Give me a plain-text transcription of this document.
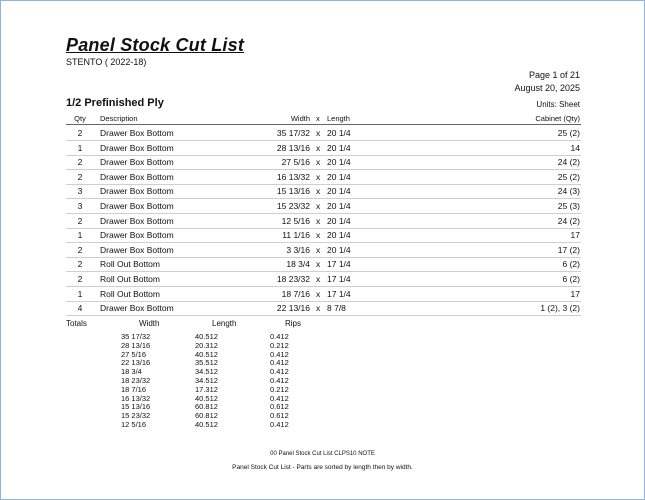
Panel Stock Cut List
STENTO ( 2022-18)
Page 1 of 21
August 20, 2025
1/2 Prefinished Ply	Units: Sheet
Qty	Description	Width x Length	Cabinet (Qty)
2	Drawer Box Bottom	35 17/32 x 20 1/4	25 (2)
1	Drawer Box Bottom	28 13/16 x 20 1/4	14
2	Drawer Box Bottom	27 5/16 x 20 1/4	24 (2)
2	Drawer Box Bottom	16 13/32 x 20 1/4	25 (2)
3	Drawer Box Bottom	15 13/16 x 20 1/4	24 (3)
3	Drawer Box Bottom	15 23/32 x 20 1/4	25 (3)
2	Drawer Box Bottom	12 5/16 x 20 1/4	24 (2)
1	Drawer Box Bottom	11 1/16 x 20 1/4	17
2	Drawer Box Bottom	3 3/16 x 20 1/4	17 (2)
2	Roll Out Bottom	18 3/4 x 17 1/4	6 (2)
2	Roll Out Bottom	18 23/32 x 17 1/4	6 (2)
1	Roll Out Bottom	18 7/16 x 17 1/4	17
4	Drawer Box Bottom	22 13/16 x 8 7/8	1 (2), 3 (2)
Totals	Width	Length	Rips
35 17/32	40.512	0.412
28 13/16	20.312	0.212
27 5/16	40.512	0.412
22 13/16	35.512	0.412
18 3/4	34.512	0.412
18 23/32	34.512	0.412
18 7/16	17.312	0.212
16 13/32	40.512	0.412
15 13/16	60.812	0.612
15 23/32	60.812	0.612
12 5/16	40.512	0.412
00 Panel Stock Cut List CLPS10 NOTE
Panel Stock Cut List - Parts are sorted by length then by width.
